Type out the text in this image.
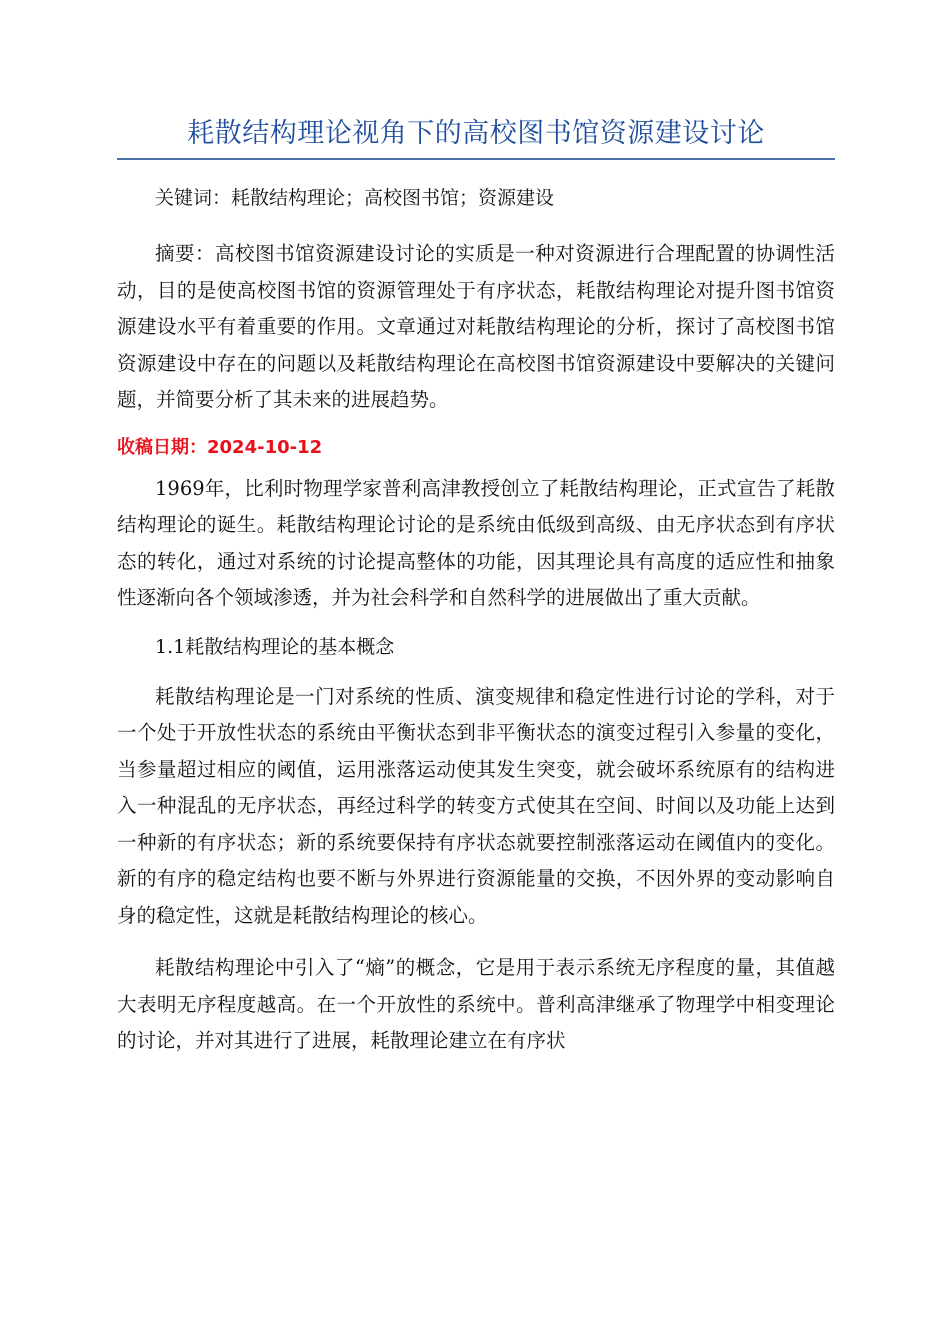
耗散结构理论视角下的高校图书馆资源建设讨论
关键词：耗散结构理论；高校图书馆；资源建设
摘要：高校图书馆资源建设讨论的实质是一种对资源进行合理配置的协调性活动，目的是使高校图书馆的资源管理处于有序状态，耗散结构理论对提升图书馆资源建设水平有着重要的作用。文章通过对耗散结构理论的分析，探讨了高校图书馆资源建设中存在的问题以及耗散结构理论在高校图书馆资源建设中要解决的关键问题，并简要分析了其未来的进展趋势。
收稿日期：2024-10-12

1969年，比利时物理学家普利高津教授创立了耗散结构理论，正式宣告了耗散结构理论的诞生。耗散结构理论讨论的是系统由低级到高级、由无序状态到有序状态的转化，通过对系统的讨论提高整体的功能，因其理论具有高度的适应性和抽象性逐渐向各个领域渗透，并为社会科学和自然科学的进展做出了重大贡献。

1.1耗散结构理论的基本概念

耗散结构理论是一门对系统的性质、演变规律和稳定性进行讨论的学科，对于一个处于开放性状态的系统由平衡状态到非平衡状态的演变过程引入参量的变化，当参量超过相应的阈值，运用涨落运动使其发生突变，就会破坏系统原有的结构进入一种混乱的无序状态，再经过科学的转变方式使其在空间、时间以及功能上达到一种新的有序状态；新的系统要保持有序状态就要控制涨落运动在阈值内的变化。新的有序的稳定结构也要不断与外界进行资源能量的交换，不因外界的变动影响自身的稳定性，这就是耗散结构理论的核心。

耗散结构理论中引入了“熵”的概念，它是用于表示系统无序程度的量，其值越大表明无序程度越高。在一个开放性的系统中。普利高津继承了物理学中相变理论的讨论，并对其进行了进展，耗散理论建立在有序状
